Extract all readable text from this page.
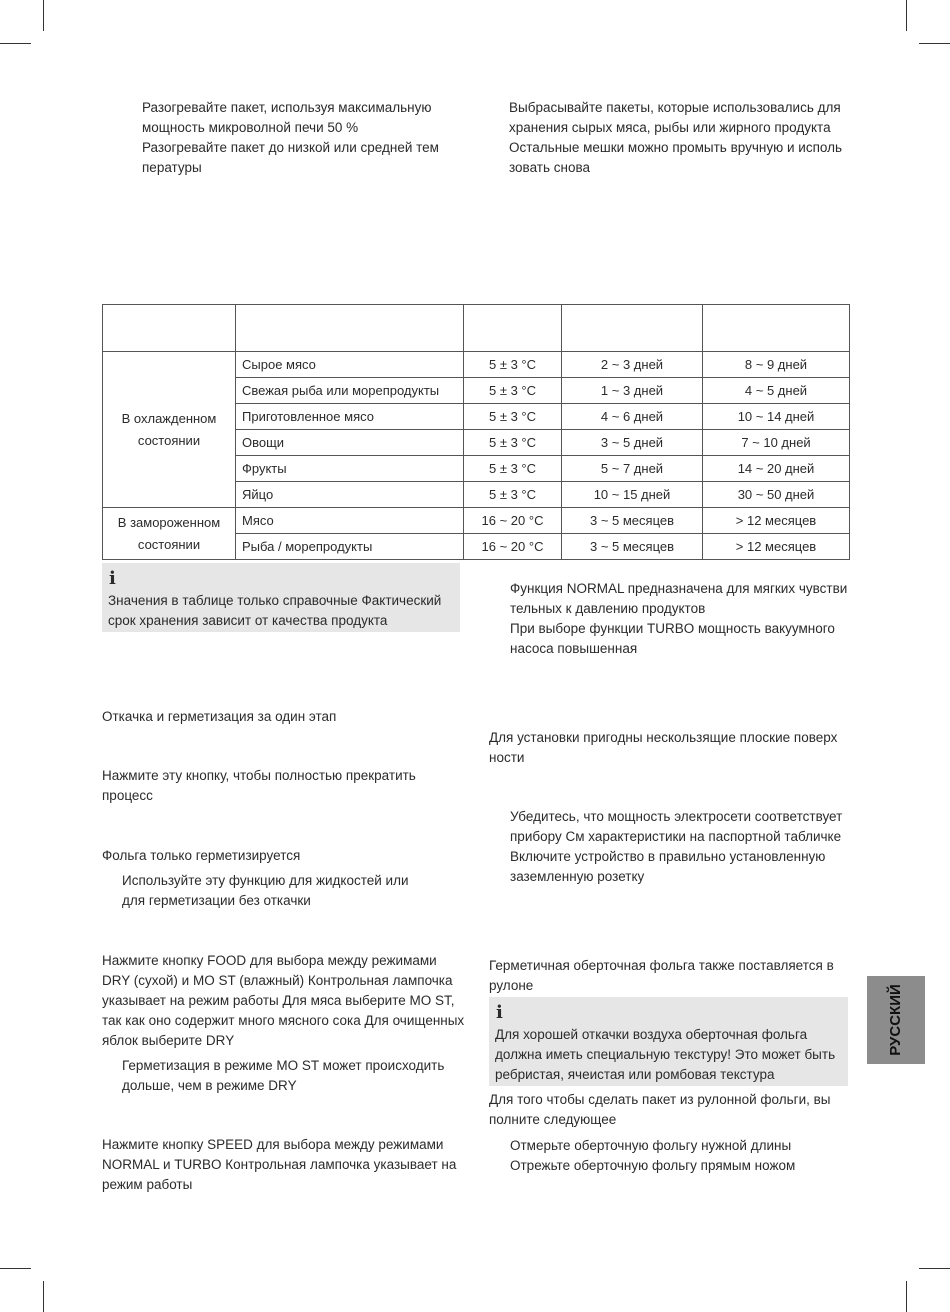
Разогревайте пакет, используя максимальную
мощность микроволной печи 50 %
Разогревайте пакет до низкой или средней тем
пературы
Выбрасывайте пакеты, которые использовались для
хранения сырых мяса, рыбы или жирного продукта
Остальные мешки можно промыть вручную и исполь
зовать снова

В охлажденном
состоянии	Сырое мясо	5 ± 3 °C	2 ~ 3 дней	8 ~ 9 дней
	Свежая рыба или морепродукты	5 ± 3 °C	1 ~ 3 дней	4 ~ 5 дней
	Приготовленное мясо	5 ± 3 °C	4 ~ 6 дней	10 ~ 14 дней
	Овощи	5 ± 3 °C	3 ~ 5 дней	7 ~ 10 дней
	Фрукты	5 ± 3 °C	5 ~ 7 дней	14 ~ 20 дней
	Яйцо	5 ± 3 °C	10 ~ 15 дней	30 ~ 50 дней

В замороженном
состоянии	Мясо	16 ~ 20 °C	3 ~ 5 месяцев	> 12 месяцев
	Рыба / морепродукты	16 ~ 20 °C	3 ~ 5 месяцев	> 12 месяцев
i
Значения в таблице только справочные Фактический
срок хранения зависит от качества продукта
Функция NORMAL предназначена для мягких чувстви
тельных к давлению продуктов
При выборе функции TURBO мощность вакуумного
насоса повышенная
Откачка и герметизация за один этап
Нажмите эту кнопку, чтобы полностью прекратить
процесс
Фольга только герметизируется
Используйте эту функцию для жидкостей или
для герметизации без откачки
Нажмите кнопку FOOD для выбора между режимами
DRY (сухой) и MO ST (влажный) Контрольная лампочка
указывает на режим работы Для мяса выберите MO ST,
так как оно содержит много мясного сока Для очищенных
яблок выберите DRY
Герметизация в режиме MO ST может происходить
дольше, чем в режиме DRY
Нажмите кнопку SPEED для выбора между режимами
NORMAL и TURBO Контрольная лампочка указывает на
режим работы
Для установки пригодны нескользящие плоские поверх
ности
Убедитесь, что мощность электросети соответствует
прибору См характеристики на паспортной табличке
Включите устройство в правильно установленную
заземленную розетку
Герметичная оберточная фольга также поставляется в
рулоне
i
Для хорошей откачки воздуха оберточная фольга
должна иметь специальную текстуру! Это может быть
ребристая, ячеистая или ромбовая текстура
Для того чтобы сделать пакет из рулонной фольги, вы
полните следующее
Отмерьте оберточную фольгу нужной длины
Отрежьте оберточную фольгу прямым ножом
РУССКИЙ
